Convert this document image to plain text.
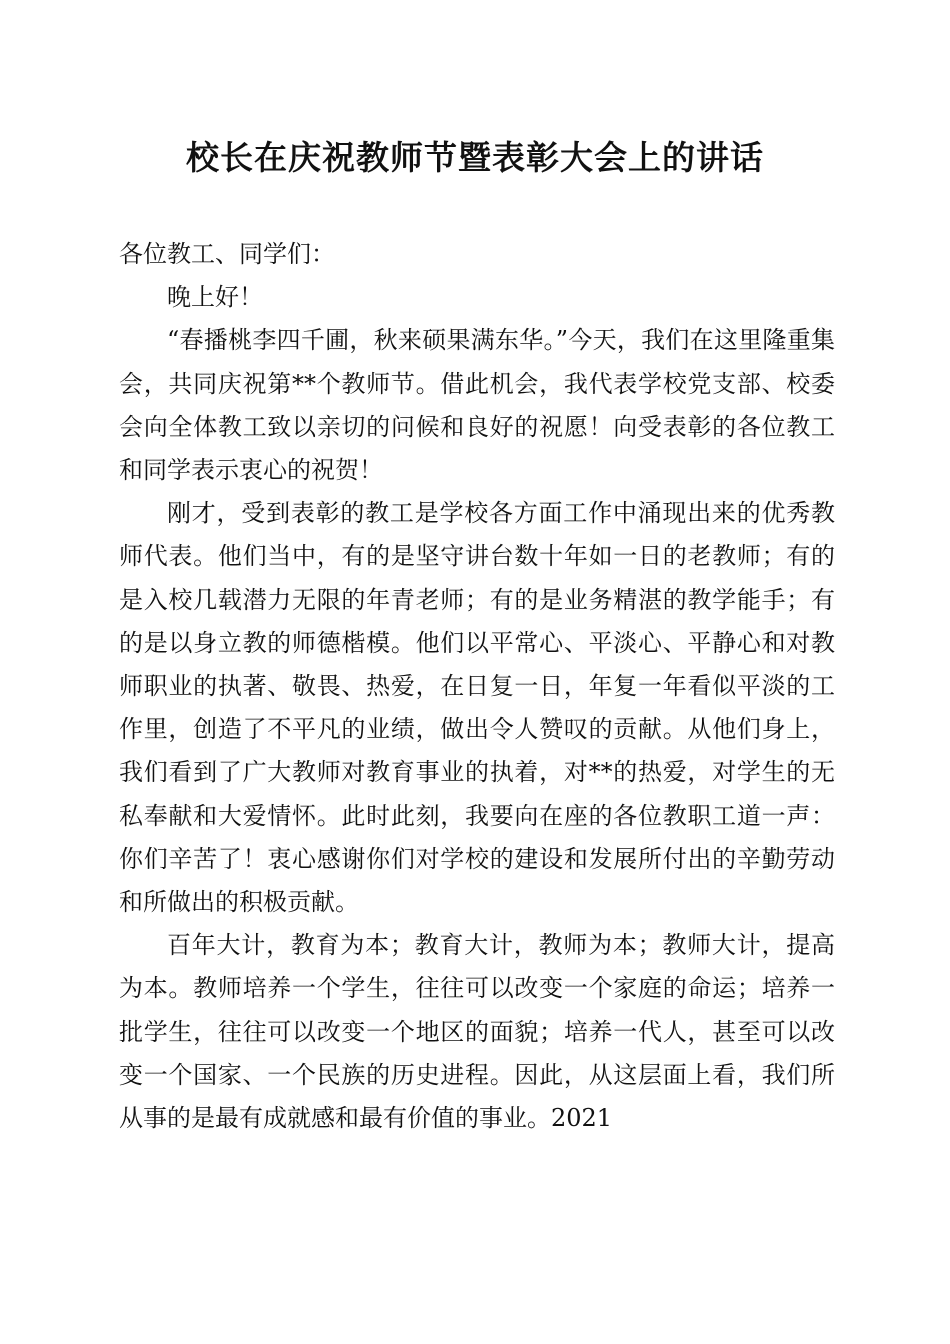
校长在庆祝教师节暨表彰大会上的讲话

各位教工、同学们：

晚上好！

“春播桃李四千圃，秋来硕果满东华。”今天，我们在这里隆重集会，共同庆祝第**个教师节。借此机会，我代表学校党支部、校委会向全体教工致以亲切的问候和良好的祝愿！向受表彰的各位教工和同学表示衷心的祝贺！

刚才，受到表彰的教工是学校各方面工作中涌现出来的优秀教师代表。他们当中，有的是坚守讲台数十年如一日的老教师；有的是入校几载潜力无限的年青老师；有的是业务精湛的教学能手；有的是以身立教的师德楷模。他们以平常心、平淡心、平静心和对教师职业的执著、敬畏、热爱，在日复一日，年复一年看似平淡的工作里，创造了不平凡的业绩，做出令人赞叹的贡献。从他们身上，我们看到了广大教师对教育事业的执着，对**的热爱，对学生的无私奉献和大爱情怀。此时此刻，我要向在座的各位教职工道一声：你们辛苦了！衷心感谢你们对学校的建设和发展所付出的辛勤劳动和所做出的积极贡献。

百年大计，教育为本；教育大计，教师为本；教师大计，提高为本。教师培养一个学生，往往可以改变一个家庭的命运；培养一批学生，往往可以改变一个地区的面貌；培养一代人，甚至可以改变一个国家、一个民族的历史进程。因此，从这层面上看，我们所从事的是最有成就感和最有价值的事业。2021
